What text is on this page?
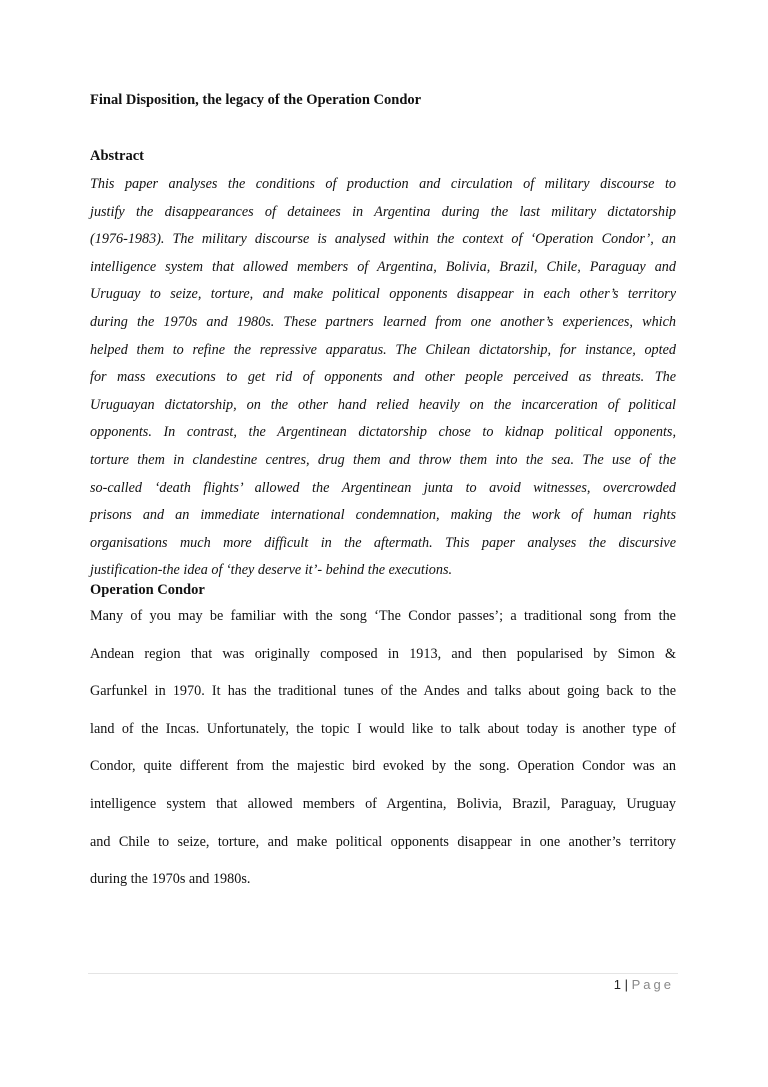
Final Disposition, the legacy of the Operation Condor
Abstract
This paper analyses the conditions of production and circulation of military discourse to
justify the disappearances of detainees in Argentina during the last military dictatorship
(1976-1983). The military discourse is analysed within the context of ‘Operation Condor’, an
intelligence system that allowed members of Argentina, Bolivia, Brazil, Chile, Paraguay and
Uruguay to seize, torture, and make political opponents disappear in each other’s territory
during the 1970s and 1980s. These partners learned from one another’s experiences, which
helped them to refine the repressive apparatus. The Chilean dictatorship, for instance, opted
for mass executions to get rid of opponents and other people perceived as threats. The
Uruguayan dictatorship, on the other hand relied heavily on the incarceration of political
opponents. In contrast, the Argentinean dictatorship chose to kidnap political opponents,
torture them in clandestine centres, drug them and throw them into the sea. The use of the
so-called ‘death flights’ allowed the Argentinean junta to avoid witnesses, overcrowded
prisons and an immediate international condemnation, making the work of human rights
organisations much more difficult in the aftermath. This paper analyses the discursive
justification-the idea of ‘they deserve it’- behind the executions.
Operation Condor
Many of you may be familiar with the song ‘The Condor passes’; a traditional song from the
Andean region that was originally composed in 1913, and then popularised by Simon &
Garfunkel in 1970. It has the traditional tunes of the Andes and talks about going back to the
land of the Incas. Unfortunately, the topic I would like to talk about today is another type of
Condor, quite different from the majestic bird evoked by the song. Operation Condor was an
intelligence system that allowed members of Argentina, Bolivia, Brazil, Paraguay, Uruguay
and Chile to seize, torture, and make political opponents disappear in one another’s territory
during the 1970s and 1980s.
1 | Page
